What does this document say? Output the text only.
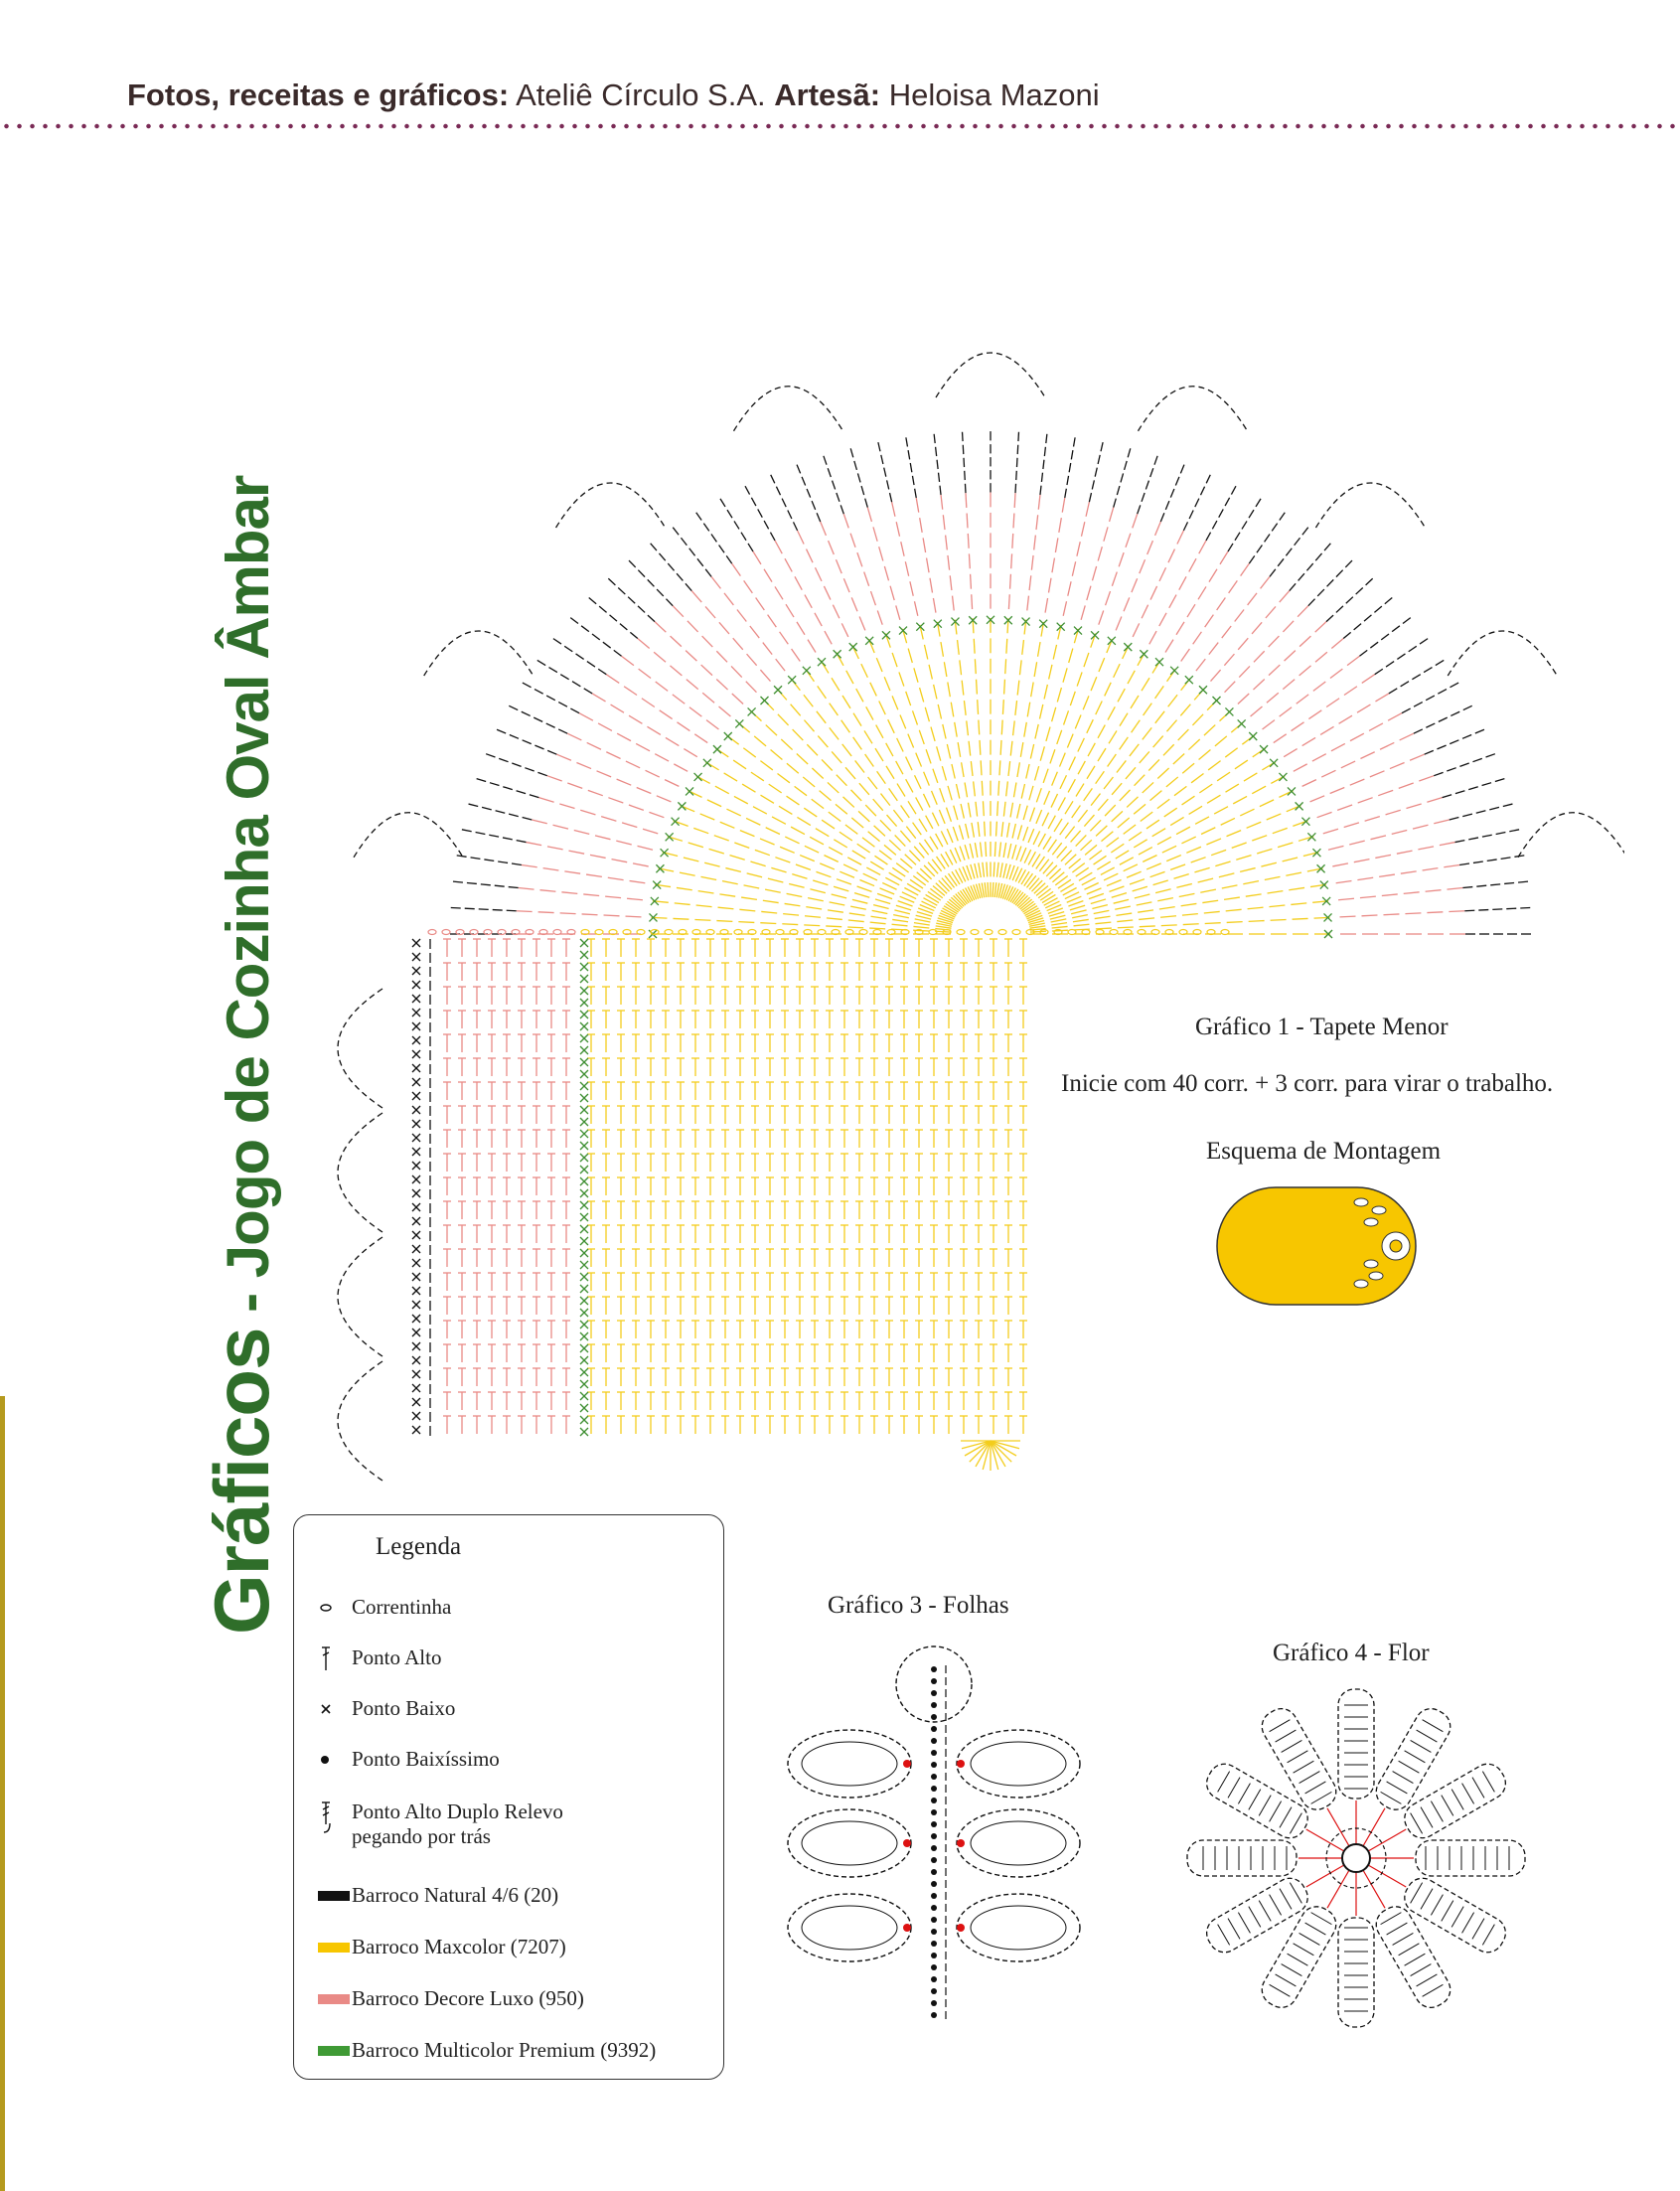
Fotos, receitas e gráficos: Ateliê Círculo S.A. Artesã: Heloisa Mazoni
Gráficos - Jogo de Cozinha Oval Âmbar	Gráfico 1 - Tapete Menor
Inicie com 40 corr. + 3 corr. para virar o trabalho.
Esquema de Montagem
Legenda
Correntinha
Ponto Alto
Ponto Baixo
Ponto Baixíssimo
Ponto Alto Duplo Relevo
pegando por trás
Barroco Natural 4/6 (20)
Barroco Maxcolor (7207)
Barroco Decore Luxo (950)
Barroco Multicolor Premium (9392)
Gráfico 3 - Folhas
Gráfico 4 - Flor
